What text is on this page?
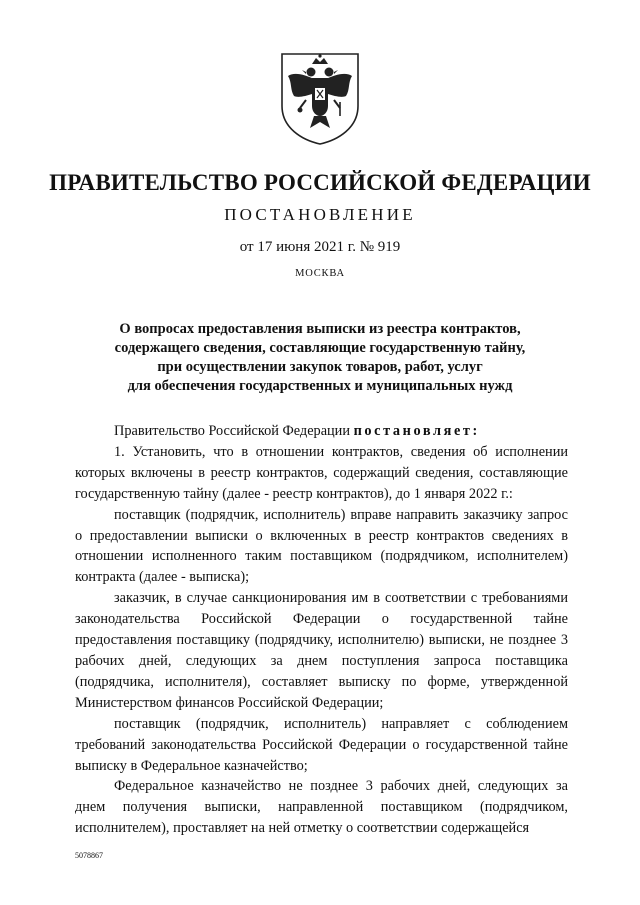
ПРАВИТЕЛЬСТВО РОССИЙСКОЙ ФЕДЕРАЦИИ
ПОСТАНОВЛЕНИЕ
от 17 июня 2021 г. № 919
МОСКВА
О вопросах предоставления выписки из реестра контрактов,
содержащего сведения, составляющие государственную тайну,
при осуществлении закупок товаров, работ, услуг
для обеспечения государственных и муниципальных нужд

Правительство Российской Федерации постановляет:

1. Установить, что в отношении контрактов, сведения об исполнении которых включены в реестр контрактов, содержащий сведения, составляющие государственную тайну (далее - реестр контрактов), до 1 января 2022 г.:

поставщик (подрядчик, исполнитель) вправе направить заказчику запрос о предоставлении выписки о включенных в реестр контрактов сведениях в отношении исполненного таким поставщиком (подрядчиком, исполнителем) контракта (далее - выписка);

заказчик, в случае санкционирования им в соответствии с требованиями законодательства Российской Федерации о государственной тайне предоставления поставщику (подрядчику, исполнителю) выписки, не позднее 3 рабочих дней, следующих за днем поступления запроса поставщика (подрядчика, исполнителя), составляет выписку по форме, утвержденной Министерством финансов Российской Федерации;

поставщик (подрядчик, исполнитель) направляет с соблюдением требований законодательства Российской Федерации о государственной тайне выписку в Федеральное казначейство;

Федеральное казначейство не позднее 3 рабочих дней, следующих за днем получения выписки, направленной поставщиком (подрядчиком, исполнителем), проставляет на ней отметку о соответствии содержащейся

5078867
